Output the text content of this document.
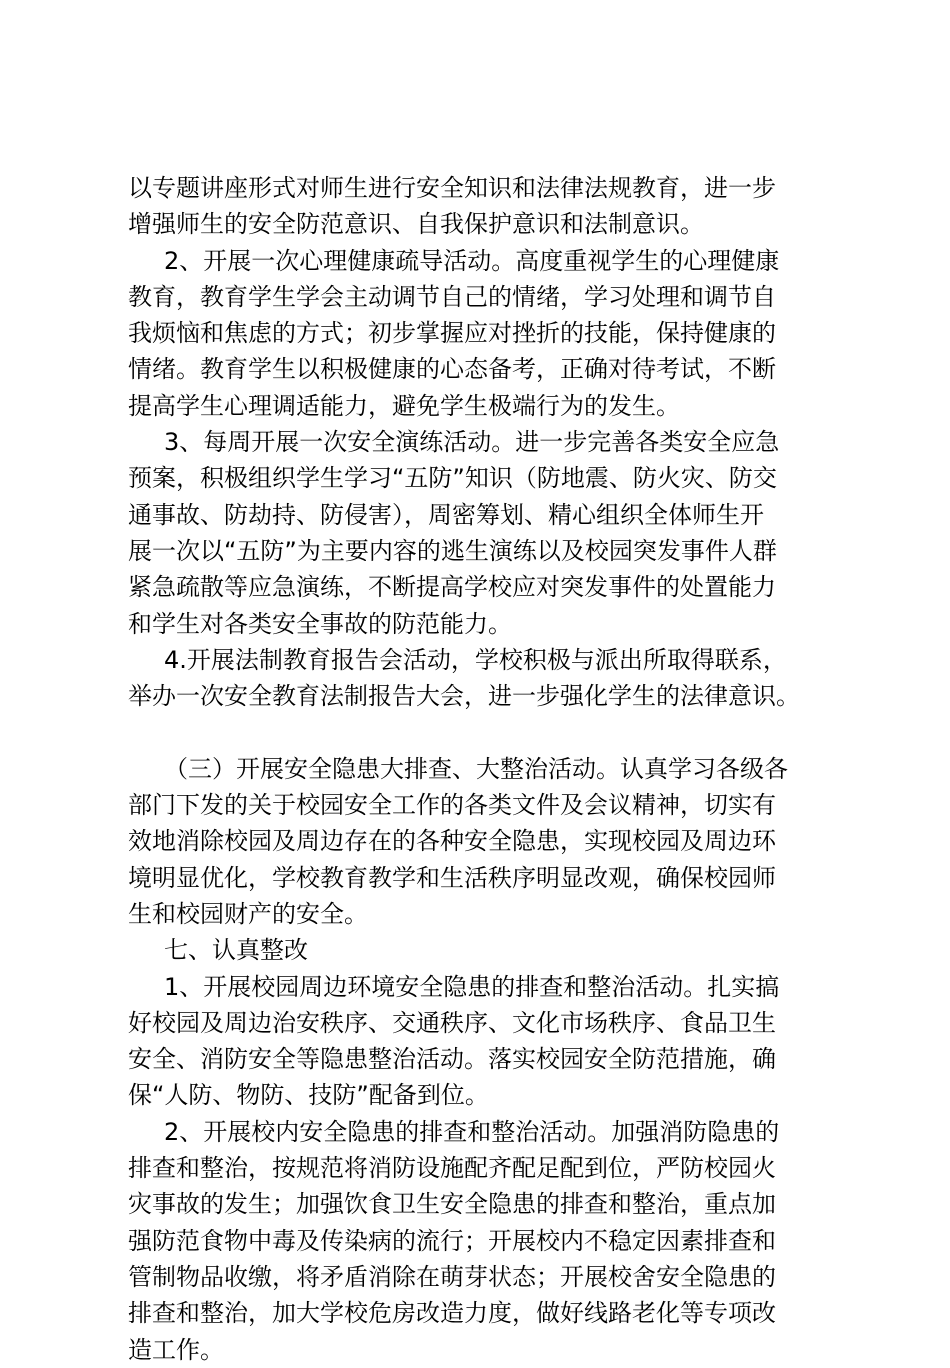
以专题讲座形式对师生进行安全知识和法律法规教育，进一步
增强师生的安全防范意识、自我保护意识和法制意识。
2、开展一次心理健康疏导活动。高度重视学生的心理健康
教育，教育学生学会主动调节自己的情绪，学习处理和调节自
我烦恼和焦虑的方式；初步掌握应对挫折的技能，保持健康的
情绪。教育学生以积极健康的心态备考，正确对待考试，不断
提高学生心理调适能力，避免学生极端行为的发生。
3、每周开展一次安全演练活动。进一步完善各类安全应急
预案，积极组织学生学习“五防”知识（防地震、防火灾、防交
通事故、防劫持、防侵害），周密筹划、精心组织全体师生开
展一次以“五防”为主要内容的逃生演练以及校园突发事件人群
紧急疏散等应急演练，不断提高学校应对突发事件的处置能力
和学生对各类安全事故的防范能力。
4.开展法制教育报告会活动，学校积极与派出所取得联系，
举办一次安全教育法制报告大会，进一步强化学生的法律意识。
（三）开展安全隐患大排查、大整治活动。认真学习各级各
部门下发的关于校园安全工作的各类文件及会议精神，切实有
效地消除校园及周边存在的各种安全隐患，实现校园及周边环
境明显优化，学校教育教学和生活秩序明显改观，确保校园师
生和校园财产的安全。
七、认真整改
1、开展校园周边环境安全隐患的排查和整治活动。扎实搞
好校园及周边治安秩序、交通秩序、文化市场秩序、食品卫生
安全、消防安全等隐患整治活动。落实校园安全防范措施，确
保“人防、物防、技防”配备到位。
2、开展校内安全隐患的排查和整治活动。加强消防隐患的
排查和整治，按规范将消防设施配齐配足配到位，严防校园火
灾事故的发生；加强饮食卫生安全隐患的排查和整治，重点加
强防范食物中毒及传染病的流行；开展校内不稳定因素排查和
管制物品收缴，将矛盾消除在萌芽状态；开展校舍安全隐患的
排查和整治，加大学校危房改造力度，做好线路老化等专项改
造工作。
